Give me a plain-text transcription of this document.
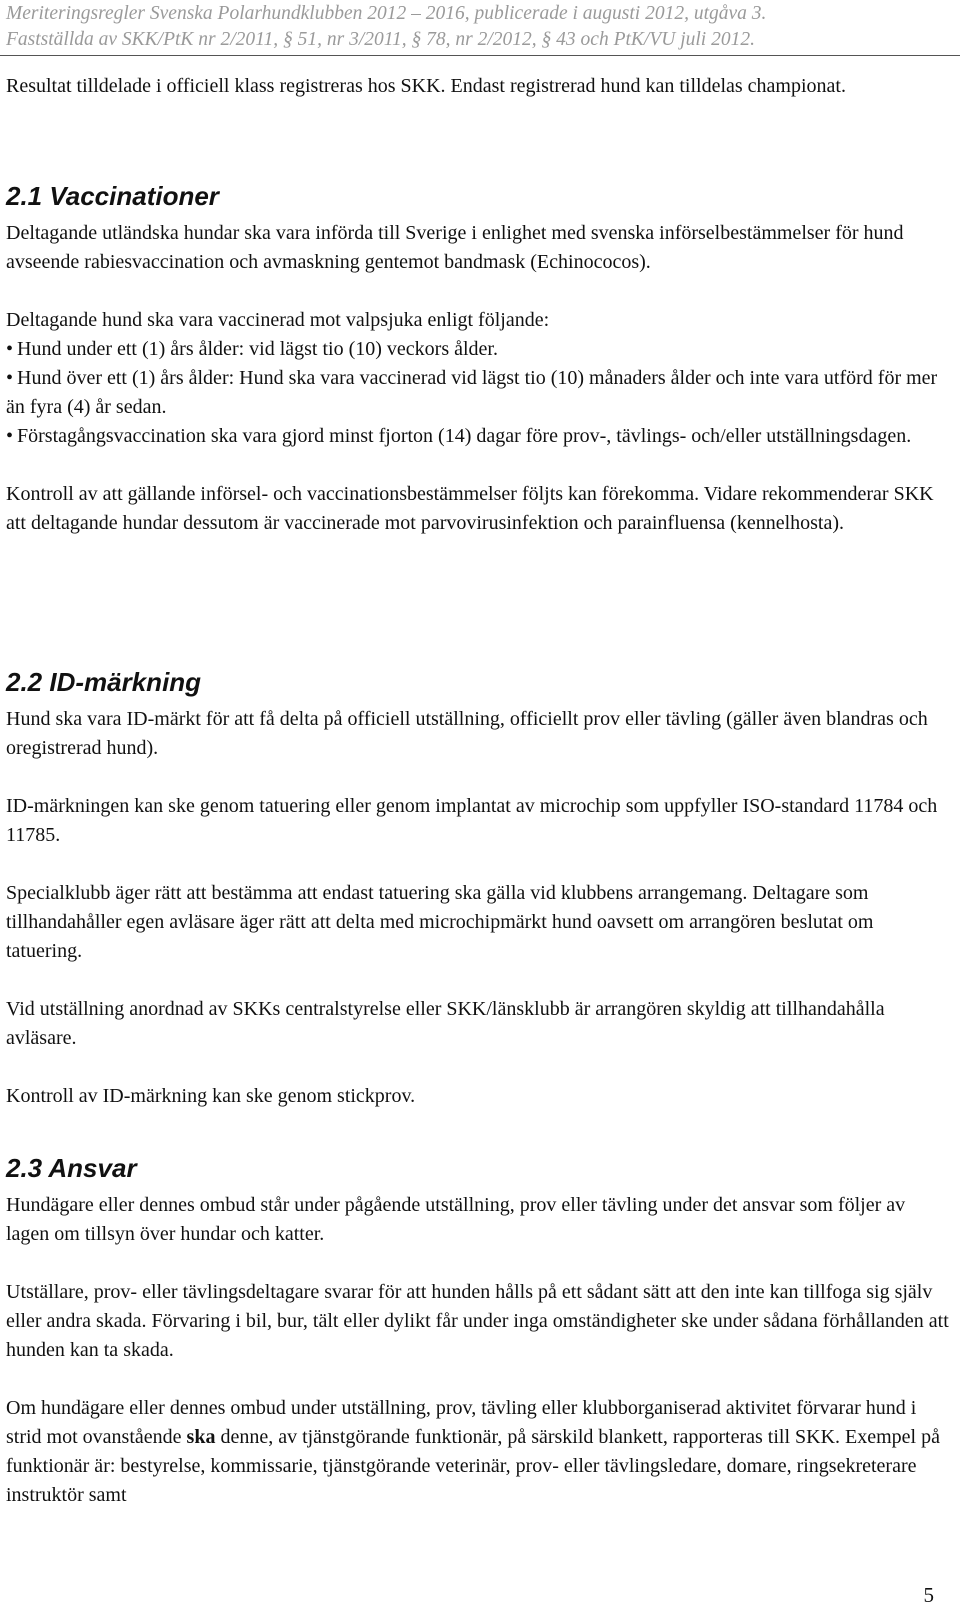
Meriteringsregler Svenska Polarhundklubben 2012 – 2016, publicerade i augusti 2012, utgåva 3.
Fastställda av SKK/PtK nr 2/2011, § 51, nr 3/2011, § 78, nr 2/2012, § 43 och PtK/VU juli 2012.
Resultat tilldelade i officiell klass registreras hos SKK. Endast registrerad hund kan tilldelas championat.
2.1 Vaccinationer

Deltagande utländska hundar ska vara införda till Sverige i enlighet med svenska införselbestämmelser för hund avseende rabiesvaccination och avmaskning gentemot bandmask (Echinococos).

Deltagande hund ska vara vaccinerad mot valpsjuka enligt följande:

• Hund under ett (1) års ålder: vid lägst tio (10) veckors ålder.

• Hund över ett (1) års ålder: Hund ska vara vaccinerad vid lägst tio (10) månaders ålder och inte vara utförd för mer än fyra (4) år sedan.

• Förstagångsvaccination ska vara gjord minst fjorton (14) dagar före prov-, tävlings- och/eller utställningsdagen.

Kontroll av att gällande införsel- och vaccinationsbestämmelser följts kan förekomma. Vidare rekommenderar SKK att deltagande hundar dessutom är vaccinerade mot parvovirusinfektion och parainfluensa (kennelhosta).

2.2 ID-märkning

Hund ska vara ID-märkt för att få delta på officiell utställning, officiellt prov eller tävling (gäller även blandras och oregistrerad hund).

ID-märkningen kan ske genom tatuering eller genom implantat av microchip som uppfyller ISO-standard 11784 och 11785.

Specialklubb äger rätt att bestämma att endast tatuering ska gälla vid klubbens arrangemang. Deltagare som tillhandahåller egen avläsare äger rätt att delta med microchipmärkt hund oavsett om arrangören beslutat om tatuering.

Vid utställning anordnad av SKKs centralstyrelse eller SKK/länsklubb är arrangören skyldig att tillhandahålla avläsare.

Kontroll av ID-märkning kan ske genom stickprov.

2.3 Ansvar

Hundägare eller dennes ombud står under pågående utställning, prov eller tävling under det ansvar som följer av lagen om tillsyn över hundar och katter.

Utställare, prov- eller tävlingsdeltagare svarar för att hunden hålls på ett sådant sätt att den inte kan tillfoga sig själv eller andra skada. Förvaring i bil, bur, tält eller dylikt får under inga omständigheter ske under sådana förhållanden att hunden kan ta skada.

Om hundägare eller dennes ombud under utställning, prov, tävling eller klubborganiserad aktivitet förvarar hund i strid mot ovanstående ska denne, av tjänstgörande funktionär, på särskild blankett, rapporteras till SKK. Exempel på funktionär är: bestyrelse, kommissarie, tjänstgörande veterinär, prov- eller tävlingsledare, domare, ringsekreterare instruktör samt

5
